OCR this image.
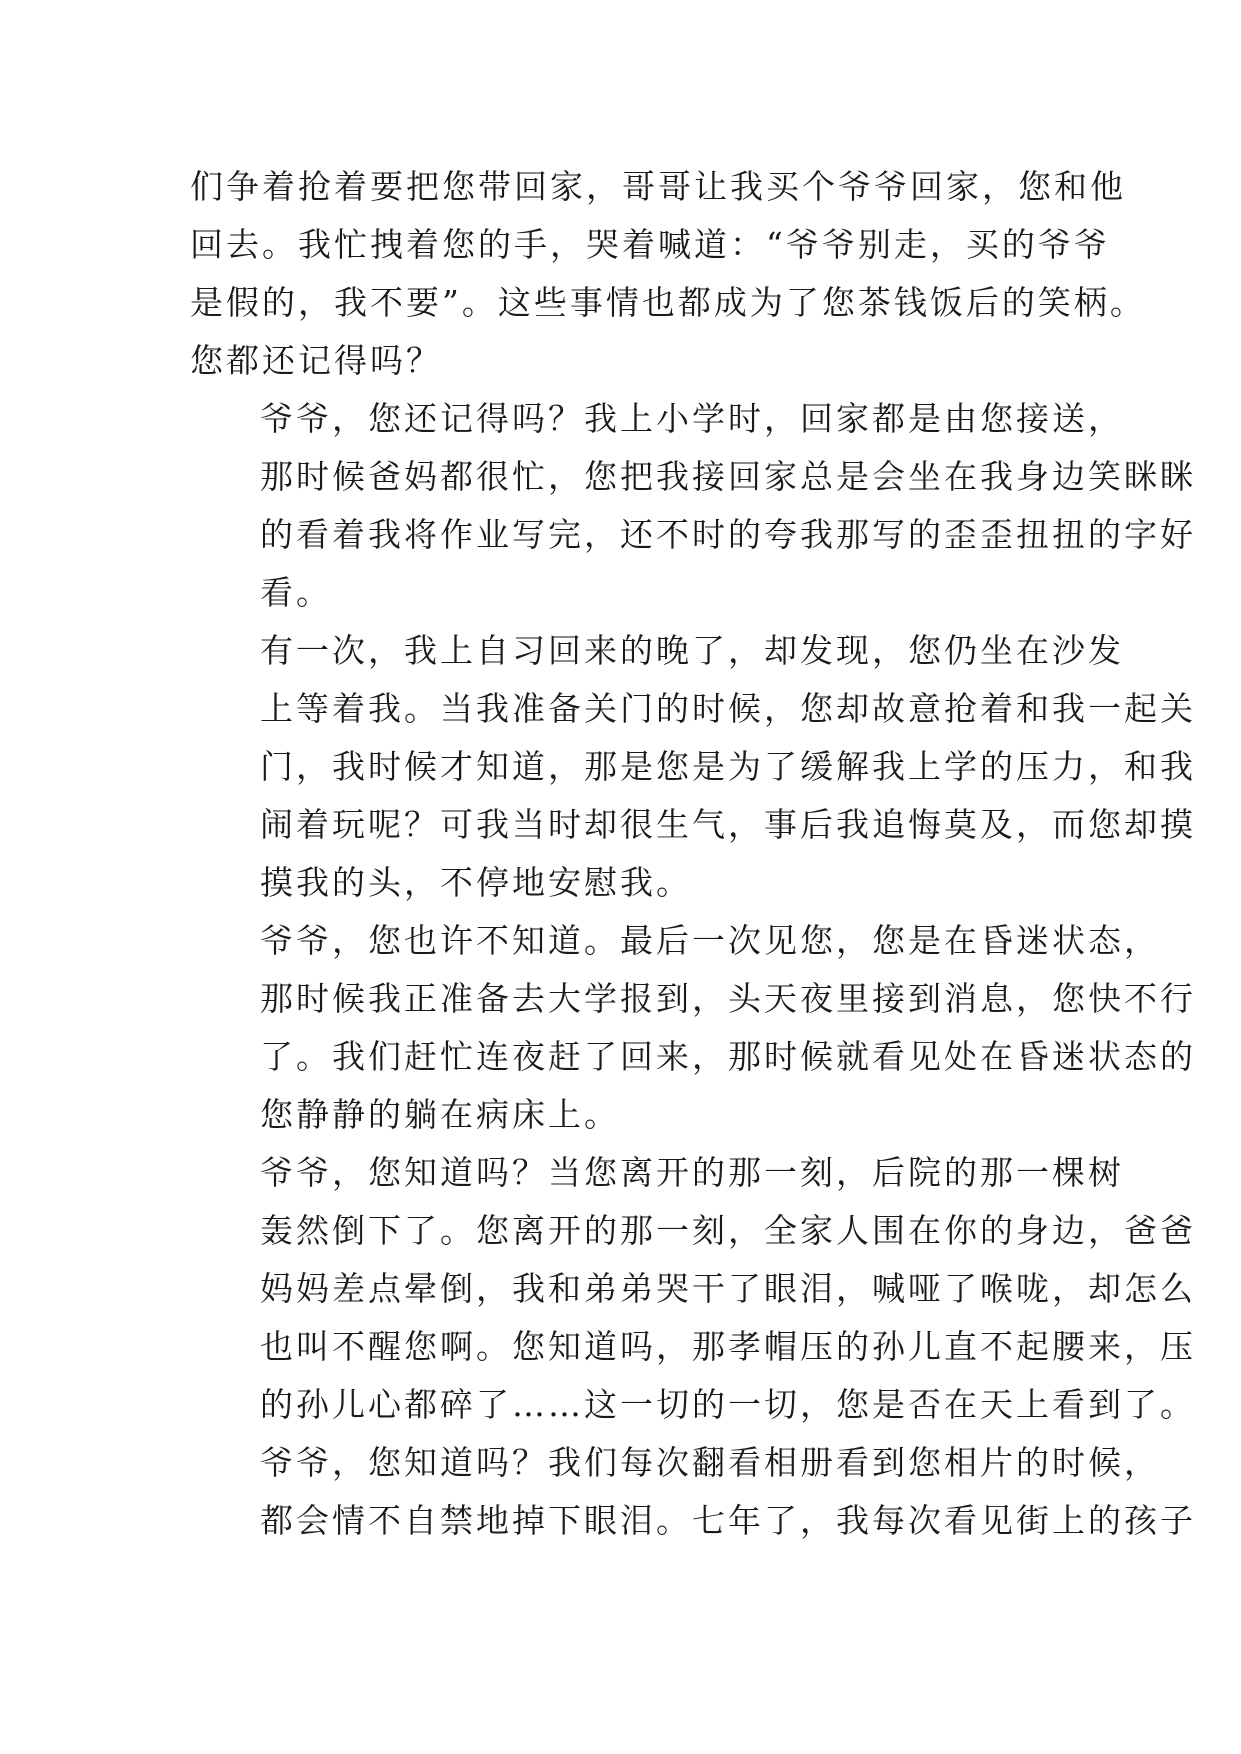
们争着抢着要把您带回家，哥哥让我买个爷爷回家，您和他
回去。我忙拽着您的手，哭着喊道：“爷爷别走，买的爷爷
是假的，我不要”。这些事情也都成为了您茶钱饭后的笑柄。
您都还记得吗？

爷爷，您还记得吗？我上小学时，回家都是由您接送，
那时候爸妈都很忙，您把我接回家总是会坐在我身边笑眯眯
的看着我将作业写完，还不时的夸我那写的歪歪扭扭的字好
看。

有一次，我上自习回来的晚了，却发现，您仍坐在沙发
上等着我。当我准备关门的时候，您却故意抢着和我一起关
门，我时候才知道，那是您是为了缓解我上学的压力，和我
闹着玩呢？可我当时却很生气，事后我追悔莫及，而您却摸
摸我的头，不停地安慰我。

爷爷，您也许不知道。最后一次见您，您是在昏迷状态，
那时候我正准备去大学报到，头天夜里接到消息，您快不行
了。我们赶忙连夜赶了回来，那时候就看见处在昏迷状态的
您静静的躺在病床上。

爷爷，您知道吗？当您离开的那一刻，后院的那一棵树
轰然倒下了。您离开的那一刻，全家人围在你的身边，爸爸
妈妈差点晕倒，我和弟弟哭干了眼泪，喊哑了喉咙，却怎么
也叫不醒您啊。您知道吗，那孝帽压的孙儿直不起腰来，压
的孙儿心都碎了……这一切的一切，您是否在天上看到了。

爷爷，您知道吗？我们每次翻看相册看到您相片的时候，
都会情不自禁地掉下眼泪。七年了，我每次看见街上的孩子
